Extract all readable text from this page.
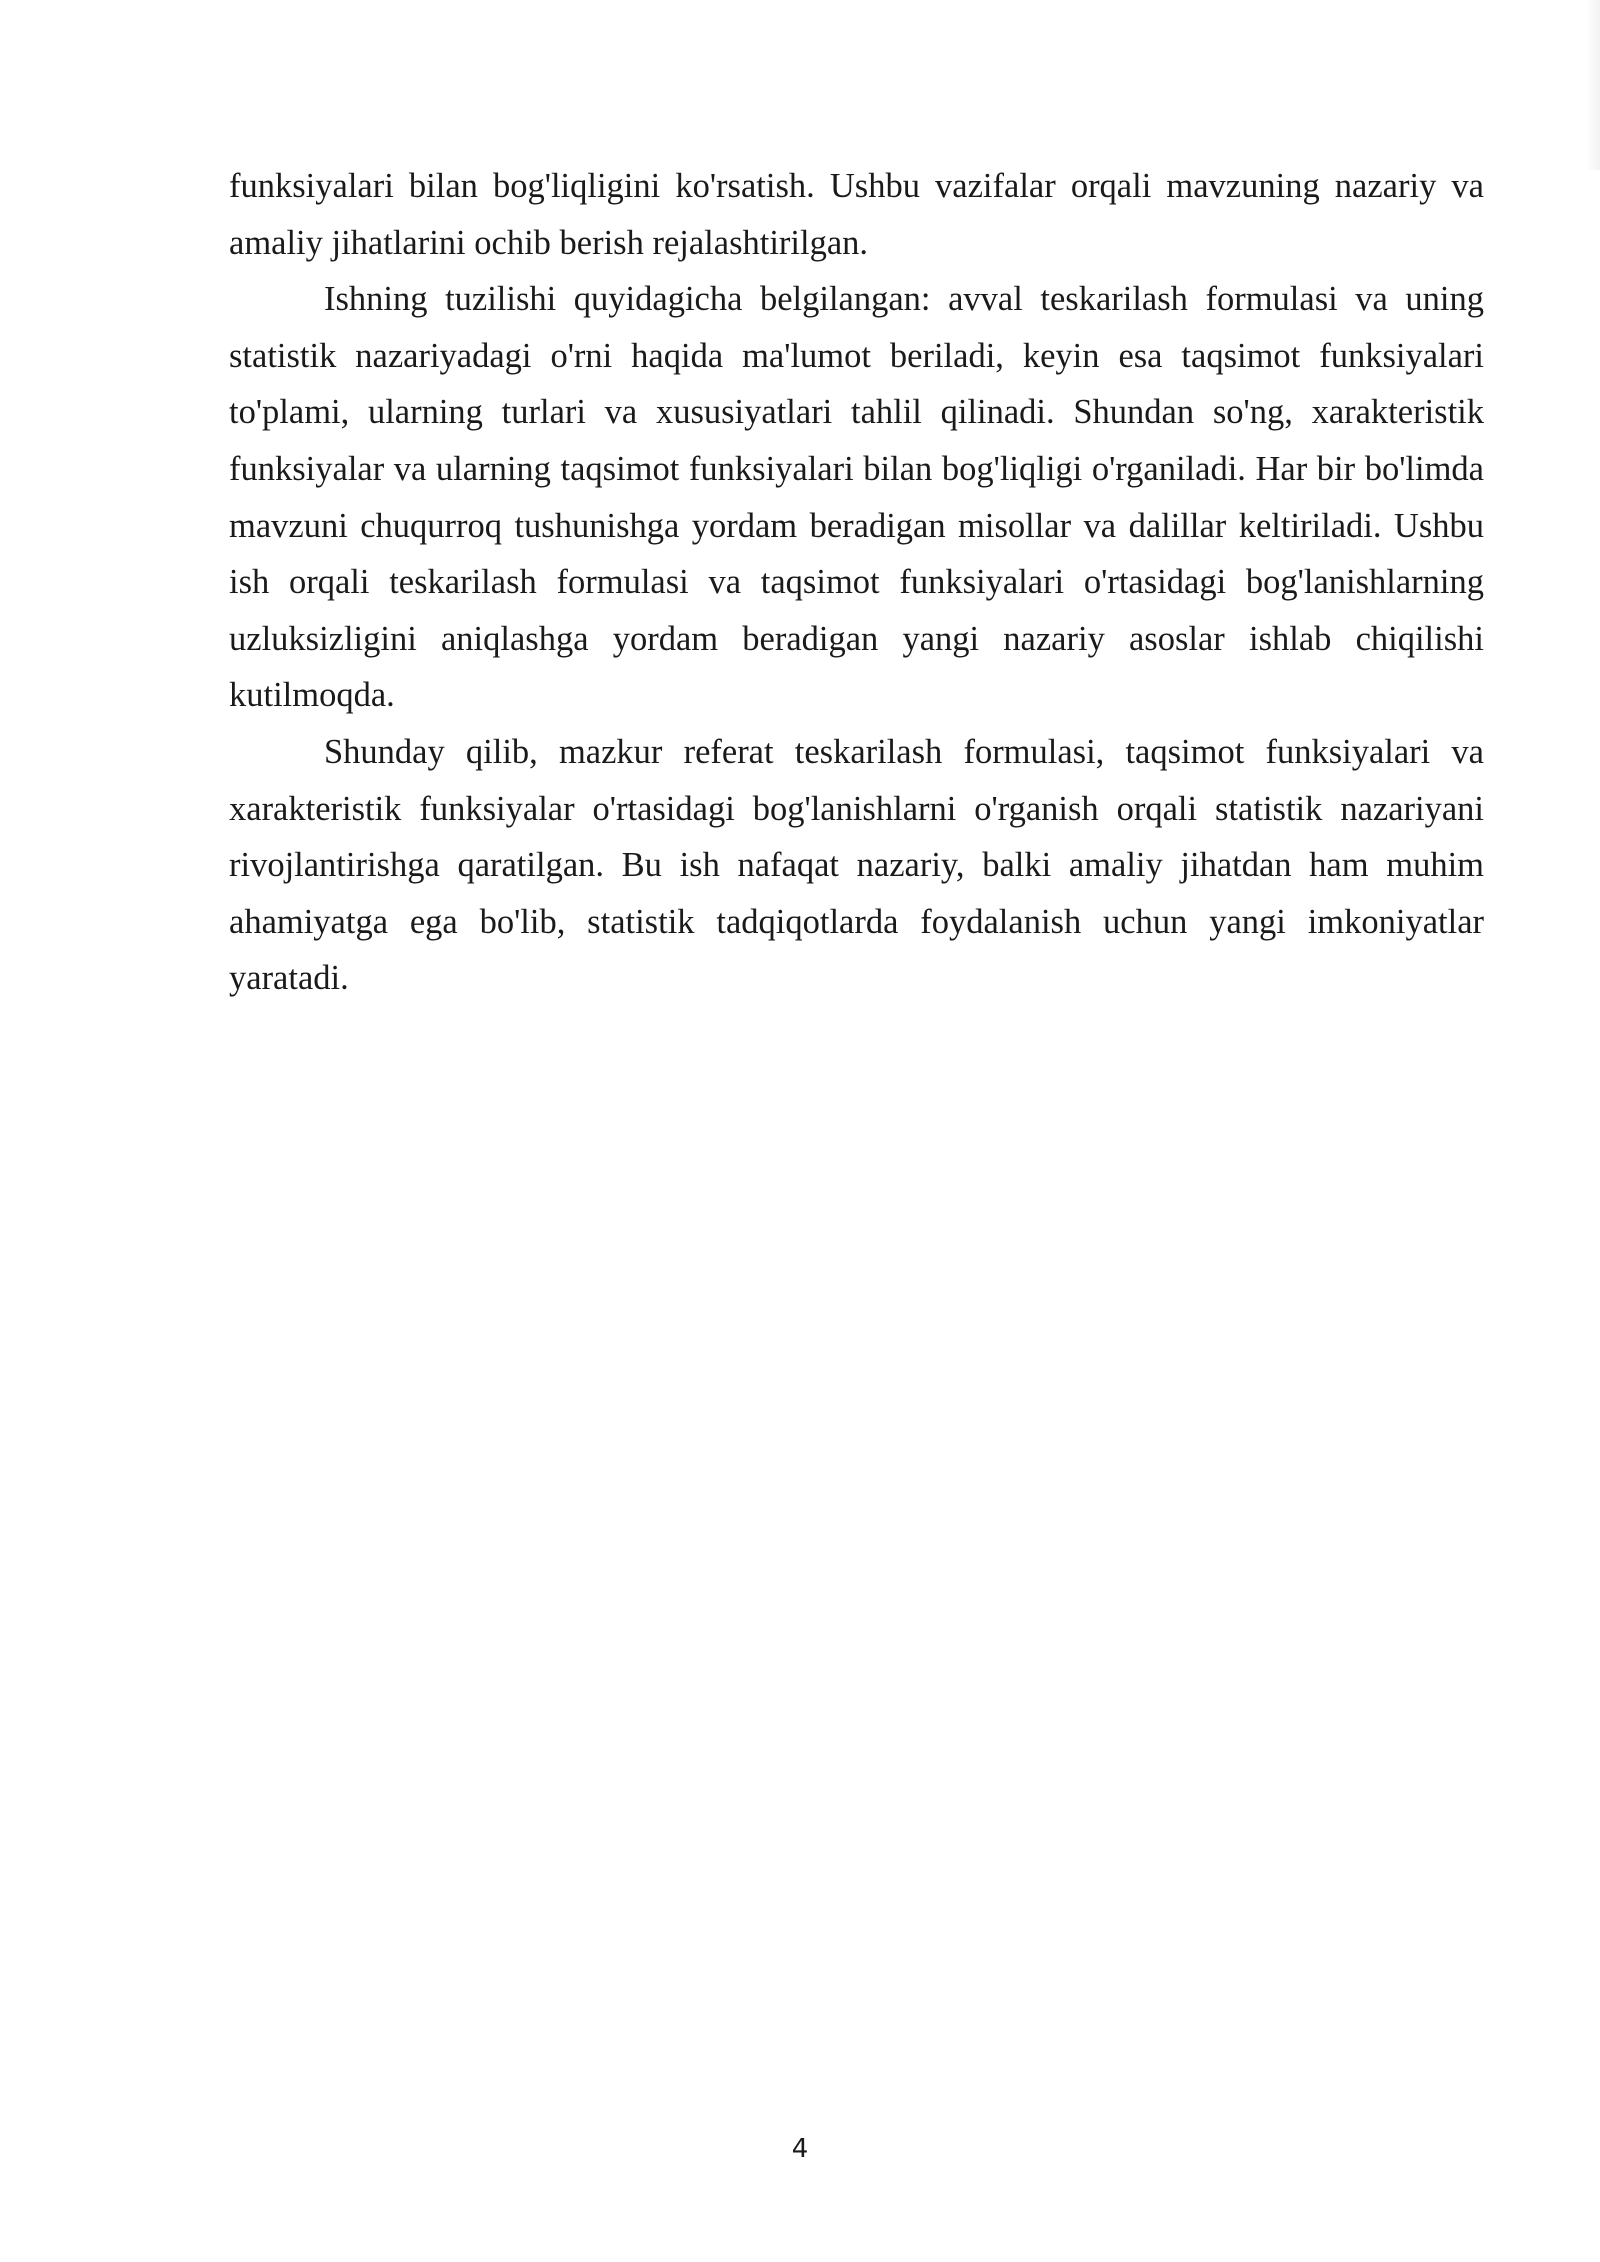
funksiyalari bilan bog'liqligini ko'rsatish. Ushbu vazifalar orqali mavzuning nazariy va amaliy jihatlarini ochib berish rejalashtirilgan.

Ishning tuzilishi quyidagicha belgilangan: avval teskarilash formulasi va uning statistik nazariyadagi o'rni haqida ma'lumot beriladi, keyin esa taqsimot funksiyalari to'plami, ularning turlari va xususiyatlari tahlil qilinadi. Shundan so'ng, xarakteristik funksiyalar va ularning taqsimot funksiyalari bilan bog'liqligi o'rganiladi. Har bir bo'limda mavzuni chuqurroq tushunishga yordam beradigan misollar va dalillar keltiriladi. Ushbu ish orqali teskarilash formulasi va taqsimot funksiyalari o'rtasidagi bog'lanishlarning uzluksizligini aniqlashga yordam beradigan yangi nazariy asoslar ishlab chiqilishi kutilmoqda.

Shunday qilib, mazkur referat teskarilash formulasi, taqsimot funksiyalari va xarakteristik funksiyalar o'rtasidagi bog'lanishlarni o'rganish orqali statistik nazariyani rivojlantirishga qaratilgan. Bu ish nafaqat nazariy, balki amaliy jihatdan ham muhim ahamiyatga ega bo'lib, statistik tadqiqotlarda foydalanish uchun yangi imkoniyatlar yaratadi.

4
